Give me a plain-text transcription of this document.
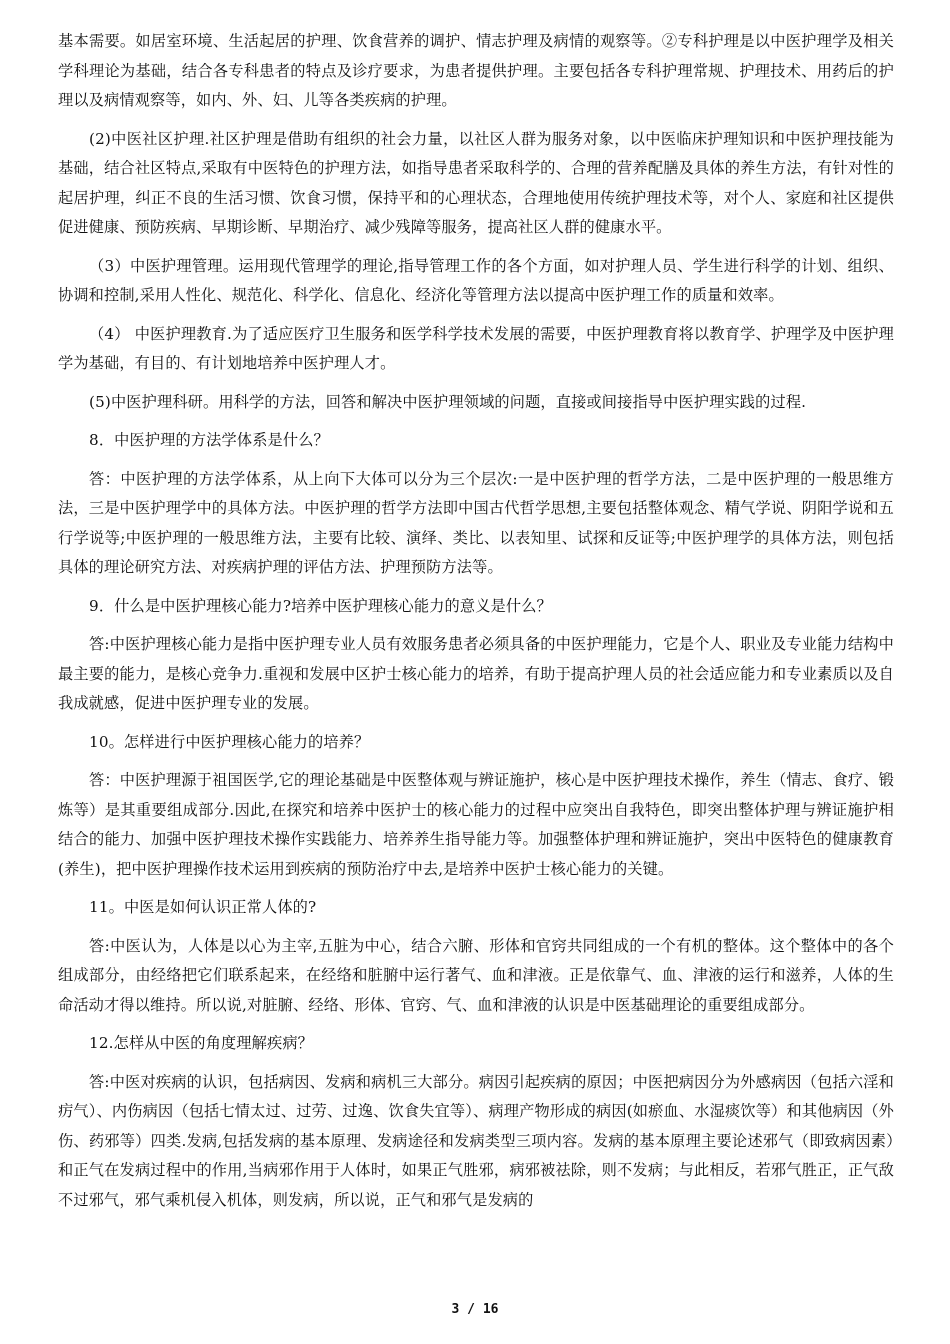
基本需要。如居室环境、生活起居的护理、饮食营养的调护、情志护理及病情的观察等。②专科护理是以中医护理学及相关学科理论为基础，结合各专科患者的特点及诊疗要求，为患者提供护理。主要包括各专科护理常规、护理技术、用药后的护理以及病情观察等，如内、外、妇、儿等各类疾病的护理。

(2)中医社区护理.社区护理是借助有组织的社会力量，以社区人群为服务对象，以中医临床护理知识和中医护理技能为基础，结合社区特点,采取有中医特色的护理方法，如指导患者采取科学的、合理的营养配膳及具体的养生方法，有针对性的起居护理，纠正不良的生活习惯、饮食习惯，保持平和的心理状态，合理地使用传统护理技术等，对个人、家庭和社区提供促进健康、预防疾病、早期诊断、早期治疗、减少残障等服务，提高社区人群的健康水平。

（3）中医护理管理。运用现代管理学的理论,指导管理工作的各个方面，如对护理人员、学生进行科学的计划、组织、协调和控制,采用人性化、规范化、科学化、信息化、经济化等管理方法以提高中医护理工作的质量和效率。

（4） 中医护理教育.为了适应医疗卫生服务和医学科学技术发展的需要，中医护理教育将以教育学、护理学及中医护理学为基础，有目的、有计划地培养中医护理人才。

(5)中医护理科研。用科学的方法，回答和解决中医护理领域的问题，直接或间接指导中医护理实践的过程.

8．中医护理的方法学体系是什么？

答：中医护理的方法学体系，从上向下大体可以分为三个层次:一是中医护理的哲学方法，二是中医护理的一般思维方法，三是中医护理学中的具体方法。中医护理的哲学方法即中国古代哲学思想,主要包括整体观念、精气学说、阴阳学说和五行学说等;中医护理的一般思维方法，主要有比较、演绎、类比、以表知里、试探和反证等;中医护理学的具体方法，则包括具体的理论研究方法、对疾病护理的评估方法、护理预防方法等。

9．什么是中医护理核心能力?培养中医护理核心能力的意义是什么？

答:中医护理核心能力是指中医护理专业人员有效服务患者必须具备的中医护理能力，它是个人、职业及专业能力结构中最主要的能力，是核心竞争力.重视和发展中区护士核心能力的培养，有助于提高护理人员的社会适应能力和专业素质以及自我成就感，促进中医护理专业的发展。

10。怎样进行中医护理核心能力的培养？

答：中医护理源于祖国医学,它的理论基础是中医整体观与辨证施护，核心是中医护理技术操作，养生（情志、食疗、锻炼等）是其重要组成部分.因此,在探究和培养中医护士的核心能力的过程中应突出自我特色，即突出整体护理与辨证施护相结合的能力、加强中医护理技术操作实践能力、培养养生指导能力等。加强整体护理和辨证施护，突出中医特色的健康教育(养生)，把中医护理操作技术运用到疾病的预防治疗中去,是培养中医护士核心能力的关键。

11。中医是如何认识正常人体的?

答:中医认为，人体是以心为主宰,五脏为中心，结合六腑、形体和官窍共同组成的一个有机的整体。这个整体中的各个组成部分，由经络把它们联系起来，在经络和脏腑中运行著气、血和津液。正是依靠气、血、津液的运行和滋养，人体的生命活动才得以维持。所以说,对脏腑、经络、形体、官窍、气、血和津液的认识是中医基础理论的重要组成部分。

12.怎样从中医的角度理解疾病？

答:中医对疾病的认识，包括病因、发病和病机三大部分。病因引起疾病的原因；中医把病因分为外感病因（包括六淫和疠气）、内伤病因（包括七情太过、过劳、过逸、饮食失宜等）、病理产物形成的病因(如瘀血、水湿痰饮等）和其他病因（外伤、药邪等）四类.发病,包括发病的基本原理、发病途径和发病类型三项内容。发病的基本原理主要论述邪气（即致病因素）和正气在发病过程中的作用,当病邪作用于人体时，如果正气胜邪，病邪被祛除，则不发病；与此相反，若邪气胜正，正气敌不过邪气，邪气乘机侵入机体，则发病，所以说，正气和邪气是发病的

3 / 16
